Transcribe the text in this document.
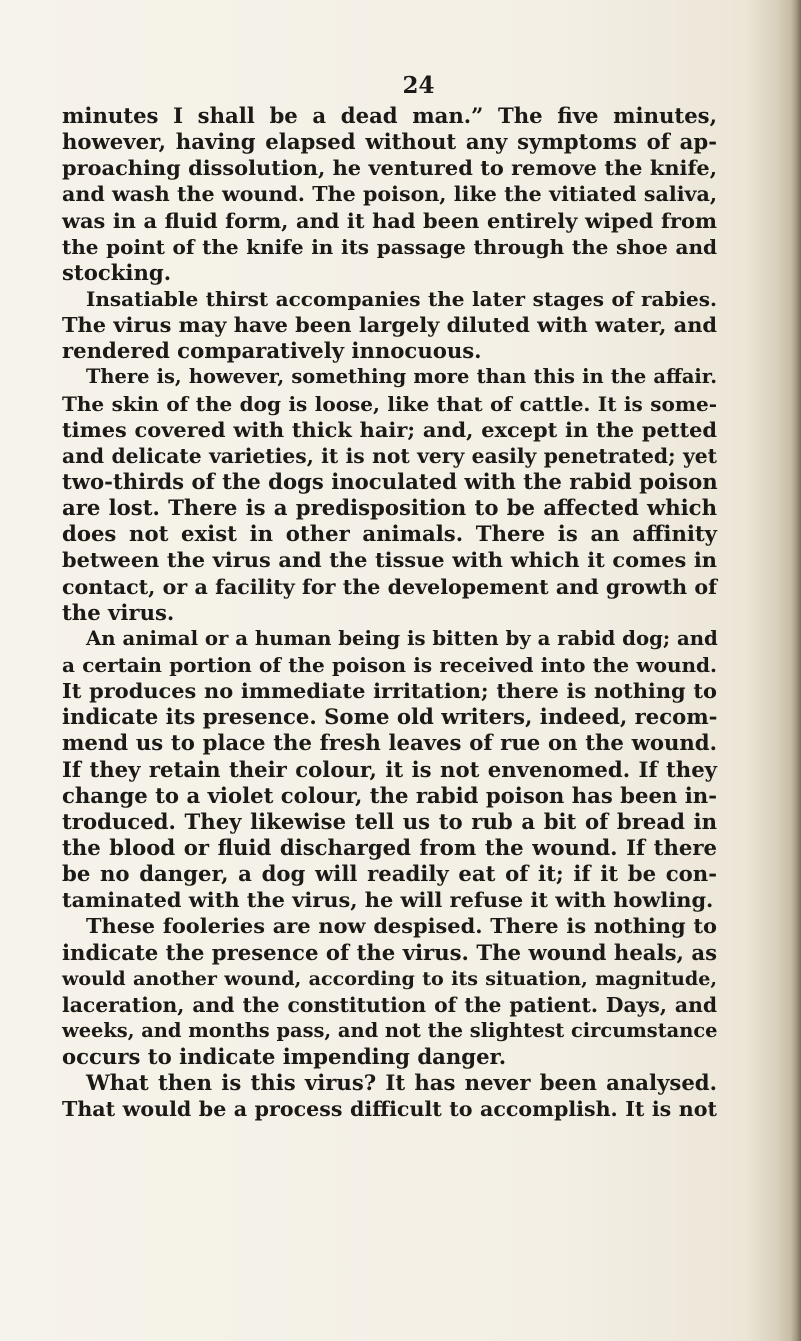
24
minutes I shall be a dead man.” The five minutes,
however, having elapsed without any symptoms of ap-
proaching dissolution, he ventured to remove the knife,
and wash the wound. The poison, like the vitiated saliva,
was in a fluid form, and it had been entirely wiped from
the point of the knife in its passage through the shoe and
stocking.
Insatiable thirst accompanies the later stages of rabies.
The virus may have been largely diluted with water, and
rendered comparatively innocuous.
There is, however, something more than this in the affair.
The skin of the dog is loose, like that of cattle. It is some-
times covered with thick hair; and, except in the petted
and delicate varieties, it is not very easily penetrated; yet
two-thirds of the dogs inoculated with the rabid poison
are lost. There is a predisposition to be affected which
does not exist in other animals. There is an affinity
between the virus and the tissue with which it comes in
contact, or a facility for the developement and growth of
the virus.
An animal or a human being is bitten by a rabid dog; and
a certain portion of the poison is received into the wound.
It produces no immediate irritation; there is nothing to
indicate its presence. Some old writers, indeed, recom-
mend us to place the fresh leaves of rue on the wound.
If they retain their colour, it is not envenomed. If they
change to a violet colour, the rabid poison has been in-
troduced. They likewise tell us to rub a bit of bread in
the blood or fluid discharged from the wound. If there
be no danger, a dog will readily eat of it; if it be con-
taminated with the virus, he will refuse it with howling.
These fooleries are now despised. There is nothing to
indicate the presence of the virus. The wound heals, as
would another wound, according to its situation, magnitude,
laceration, and the constitution of the patient. Days, and
weeks, and months pass, and not the slightest circumstance
occurs to indicate impending danger.
What then is this virus? It has never been analysed.
That would be a process difficult to accomplish. It is not
